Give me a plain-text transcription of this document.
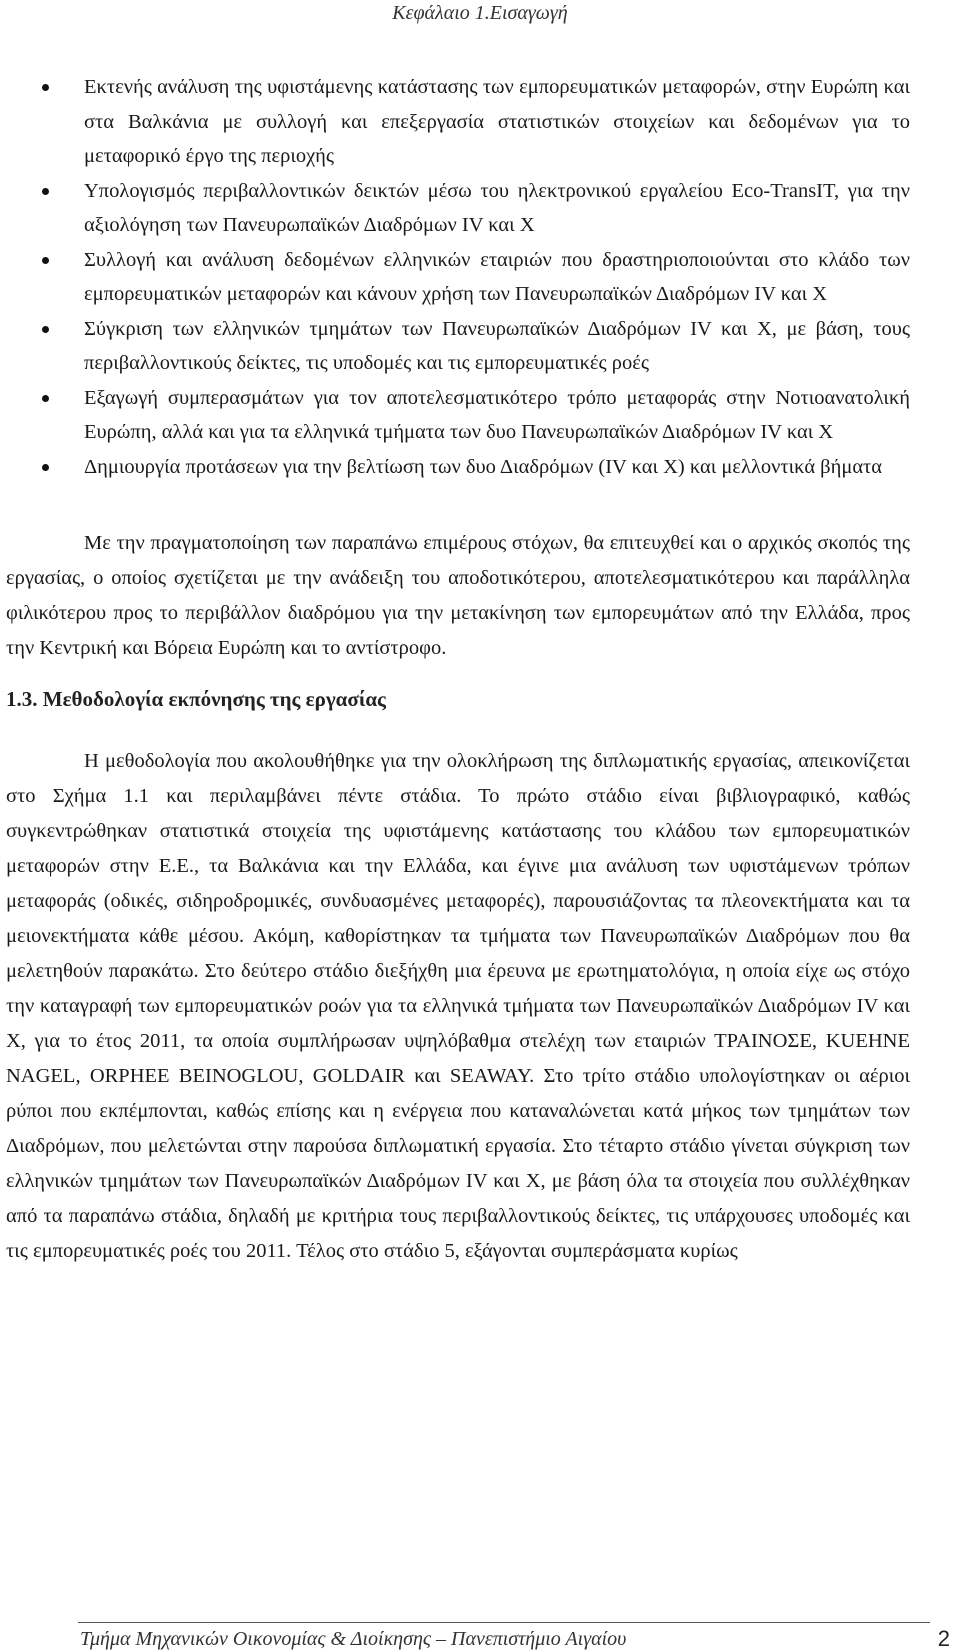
Κεφάλαιο 1.Εισαγωγή
Εκτενής ανάλυση της υφιστάμενης κατάστασης των εμπορευματικών μεταφορών, στην Ευρώπη και στα Βαλκάνια με συλλογή και επεξεργασία στατιστικών στοιχείων και δεδομένων για το μεταφορικό έργο της περιοχής
Υπολογισμός περιβαλλοντικών δεικτών μέσω του ηλεκτρονικού εργαλείου Eco-TransIT, για την αξιολόγηση των Πανευρωπαϊκών Διαδρόμων IV και X
Συλλογή και ανάλυση δεδομένων ελληνικών εταιριών που δραστηριοποιούνται στο κλάδο των εμπορευματικών μεταφορών και κάνουν χρήση των Πανευρωπαϊκών Διαδρόμων IV και X
Σύγκριση των ελληνικών τμημάτων των Πανευρωπαϊκών Διαδρόμων IV και X, με βάση, τους περιβαλλοντικούς δείκτες, τις υποδομές και τις εμπορευματικές ροές
Εξαγωγή συμπερασμάτων για τον αποτελεσματικότερο τρόπο μεταφοράς στην Νοτιοανατολική Ευρώπη, αλλά και για τα ελληνικά τμήματα των δυο Πανευρωπαϊκών Διαδρόμων IV και X
Δημιουργία προτάσεων για την βελτίωση των δυο Διαδρόμων (IV και X) και μελλοντικά βήματα

Με την πραγματοποίηση των παραπάνω επιμέρους στόχων, θα επιτευχθεί και ο αρχικός σκοπός της εργασίας, ο οποίος σχετίζεται με την ανάδειξη του αποδοτικότερου, αποτελεσματικότερου και παράλληλα φιλικότερου προς το περιβάλλον διαδρόμου για την μετακίνηση των εμπορευμάτων από την Ελλάδα, προς την Κεντρική και Βόρεια Ευρώπη και το αντίστροφο.

1.3. Μεθοδολογία εκπόνησης της εργασίας

Η μεθοδολογία που ακολουθήθηκε για την ολοκλήρωση της διπλωματικής εργασίας, απεικονίζεται στο Σχήμα 1.1 και περιλαμβάνει πέντε στάδια. Το πρώτο στάδιο είναι βιβλιογραφικό, καθώς συγκεντρώθηκαν στατιστικά στοιχεία της υφιστάμενης κατάστασης του κλάδου των εμπορευματικών μεταφορών στην Ε.Ε., τα Βαλκάνια και την Ελλάδα, και έγινε μια ανάλυση των υφιστάμενων τρόπων μεταφοράς (οδικές, σιδηροδρομικές, συνδυασμένες μεταφορές), παρουσιάζοντας τα πλεονεκτήματα και τα μειονεκτήματα κάθε μέσου. Ακόμη, καθορίστηκαν τα τμήματα των Πανευρωπαϊκών Διαδρόμων που θα μελετηθούν παρακάτω. Στο δεύτερο στάδιο διεξήχθη μια έρευνα με ερωτηματολόγια, η οποία είχε ως στόχο την καταγραφή των εμπορευματικών ροών για τα ελληνικά τμήματα των Πανευρωπαϊκών Διαδρόμων IV και X, για το έτος 2011, τα οποία συμπλήρωσαν υψηλόβαθμα στελέχη των εταιριών ΤΡΑΙΝΟΣΕ, KUEHNE NAGEL, ORPHEE BEINOGLOU, GOLDAIR και SEAWAY. Στο τρίτο στάδιο υπολογίστηκαν οι αέριοι ρύποι που εκπέμπονται, καθώς επίσης και η ενέργεια που καταναλώνεται κατά μήκος των τμημάτων των Διαδρόμων, που μελετώνται στην παρούσα διπλωματική εργασία. Στο τέταρτο στάδιο γίνεται σύγκριση των ελληνικών τμημάτων των Πανευρωπαϊκών Διαδρόμων IV και X, με βάση όλα τα στοιχεία που συλλέχθηκαν από τα παραπάνω στάδια, δηλαδή με κριτήρια τους περιβαλλοντικούς δείκτες, τις υπάρχουσες υποδομές και τις εμπορευματικές ροές του 2011. Τέλος στο στάδιο 5, εξάγονται συμπεράσματα κυρίως

Τμήμα Μηχανικών Οικονομίας & Διοίκησης – Πανεπιστήμιο Αιγαίου	2
